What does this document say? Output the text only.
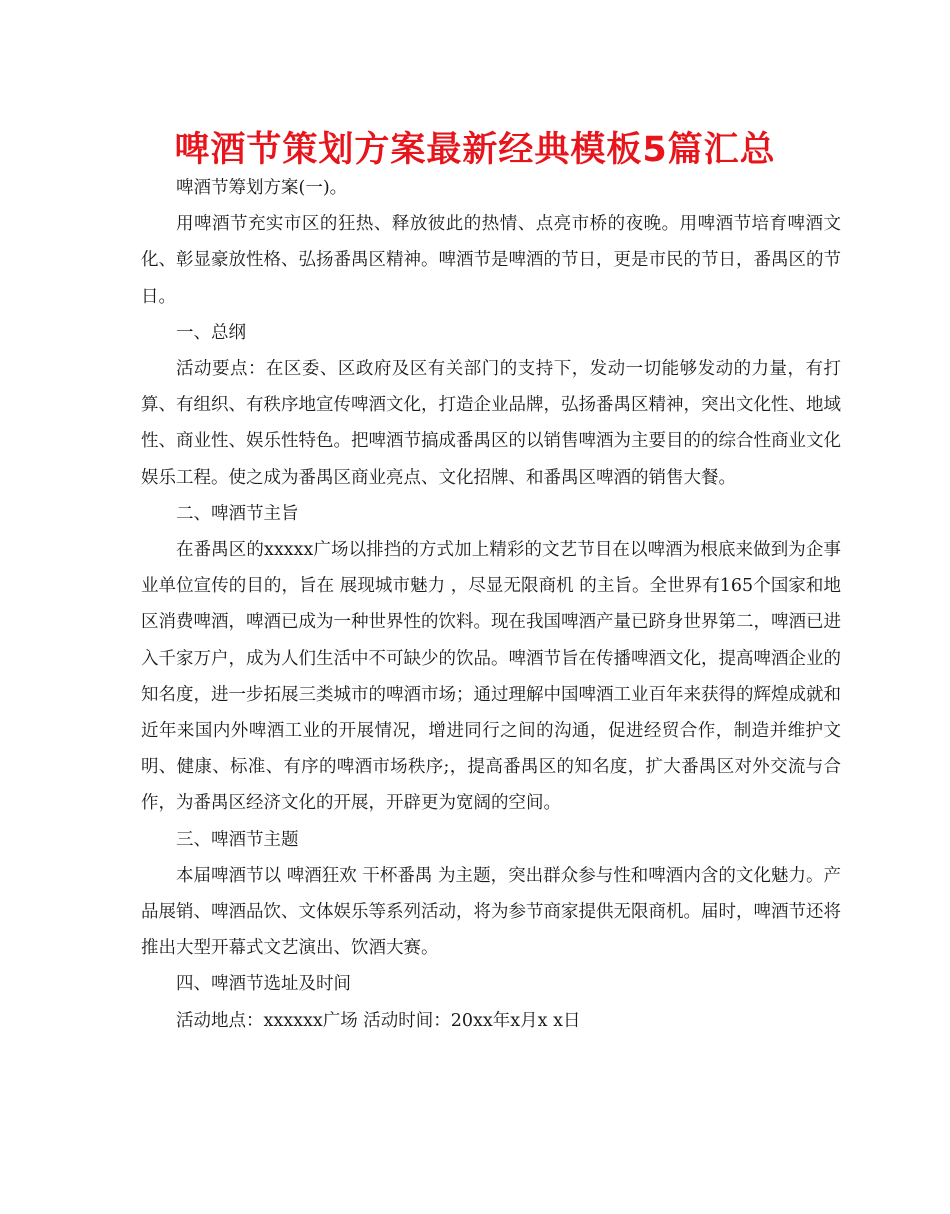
啤酒节策划方案最新经典模板5篇汇总

啤酒节筹划方案(一)。

用啤酒节充实市区的狂热、释放彼此的热情、点亮市桥的夜晚。用啤酒节培育啤酒文化、彰显豪放性格、弘扬番禺区精神。啤酒节是啤酒的节日，更是市民的节日，番禺区的节日。

一、总纲

活动要点：在区委、区政府及区有关部门的支持下，发动一切能够发动的力量，有打算、有组织、有秩序地宣传啤酒文化，打造企业品牌，弘扬番禺区精神，突出文化性、地域性、商业性、娱乐性特色。把啤酒节搞成番禺区的以销售啤酒为主要目的的综合性商业文化娱乐工程。使之成为番禺区商业亮点、文化招牌、和番禺区啤酒的销售大餐。

二、啤酒节主旨

在番禺区的xxxxx广场以排挡的方式加上精彩的文艺节目在以啤酒为根底来做到为企事业单位宣传的目的，旨在 展现城市魅力 ，尽显无限商机 的主旨。全世界有165个国家和地区消费啤酒，啤酒已成为一种世界性的饮料。现在我国啤酒产量已跻身世界第二，啤酒已进入千家万户，成为人们生活中不可缺少的饮品。啤酒节旨在传播啤酒文化，提高啤酒企业的知名度，进一步拓展三类城市的啤酒市场；通过理解中国啤酒工业百年来获得的辉煌成就和近年来国内外啤酒工业的开展情况，增进同行之间的沟通，促进经贸合作，制造并维护文明、健康、标准、有序的啤酒市场秩序;，提高番禺区的知名度，扩大番禺区对外交流与合作，为番禺区经济文化的开展，开辟更为宽阔的空间。

三、啤酒节主题

本届啤酒节以 啤酒狂欢 干杯番禺 为主题，突出群众参与性和啤酒内含的文化魅力。产品展销、啤酒品饮、文体娱乐等系列活动，将为参节商家提供无限商机。届时，啤酒节还将推出大型开幕式文艺演出、饮酒大赛。

四、啤酒节选址及时间

活动地点：xxxxxx广场 活动时间：20xx年x月x x日
